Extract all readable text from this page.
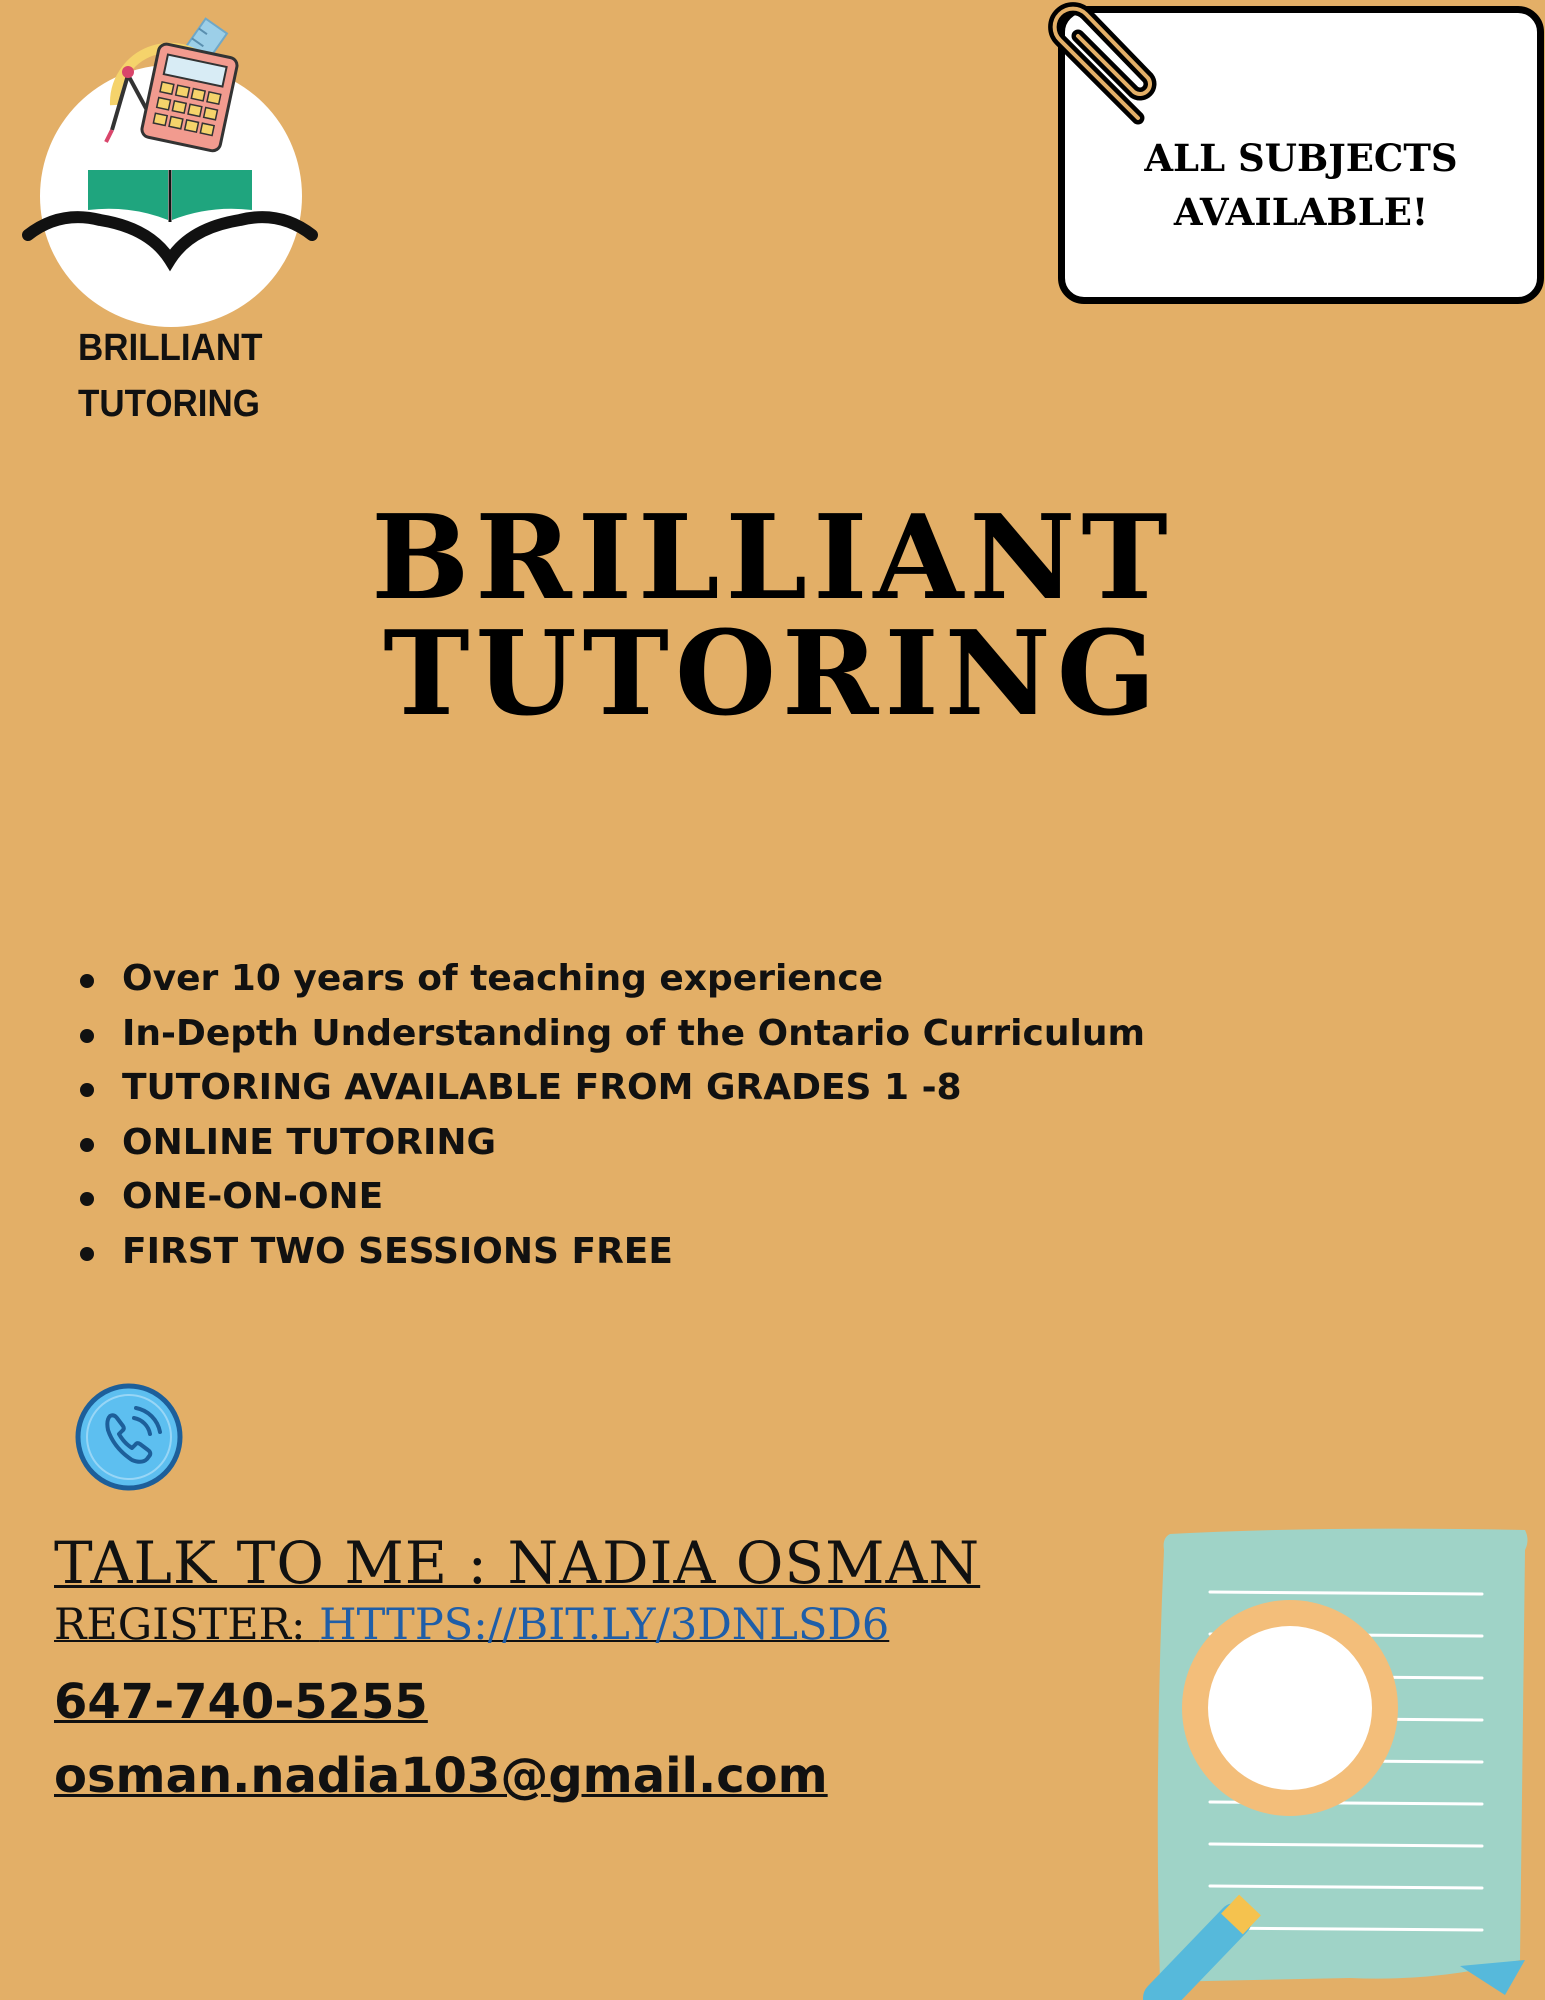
BRILLIANT
TUTORING
ALL SUBJECTS
AVAILABLE!
BRILLIANT
TUTORING
Over 10 years of teaching experience
In-Depth Understanding of the Ontario Curriculum
TUTORING AVAILABLE FROM GRADES 1 -8
ONLINE TUTORING
ONE-ON-ONE
FIRST TWO SESSIONS FREE
TALK TO ME : NADIA OSMAN
REGISTER: HTTPS://BIT.LY/3DNLSD6
647-740-5255
osman.nadia103@gmail.com
